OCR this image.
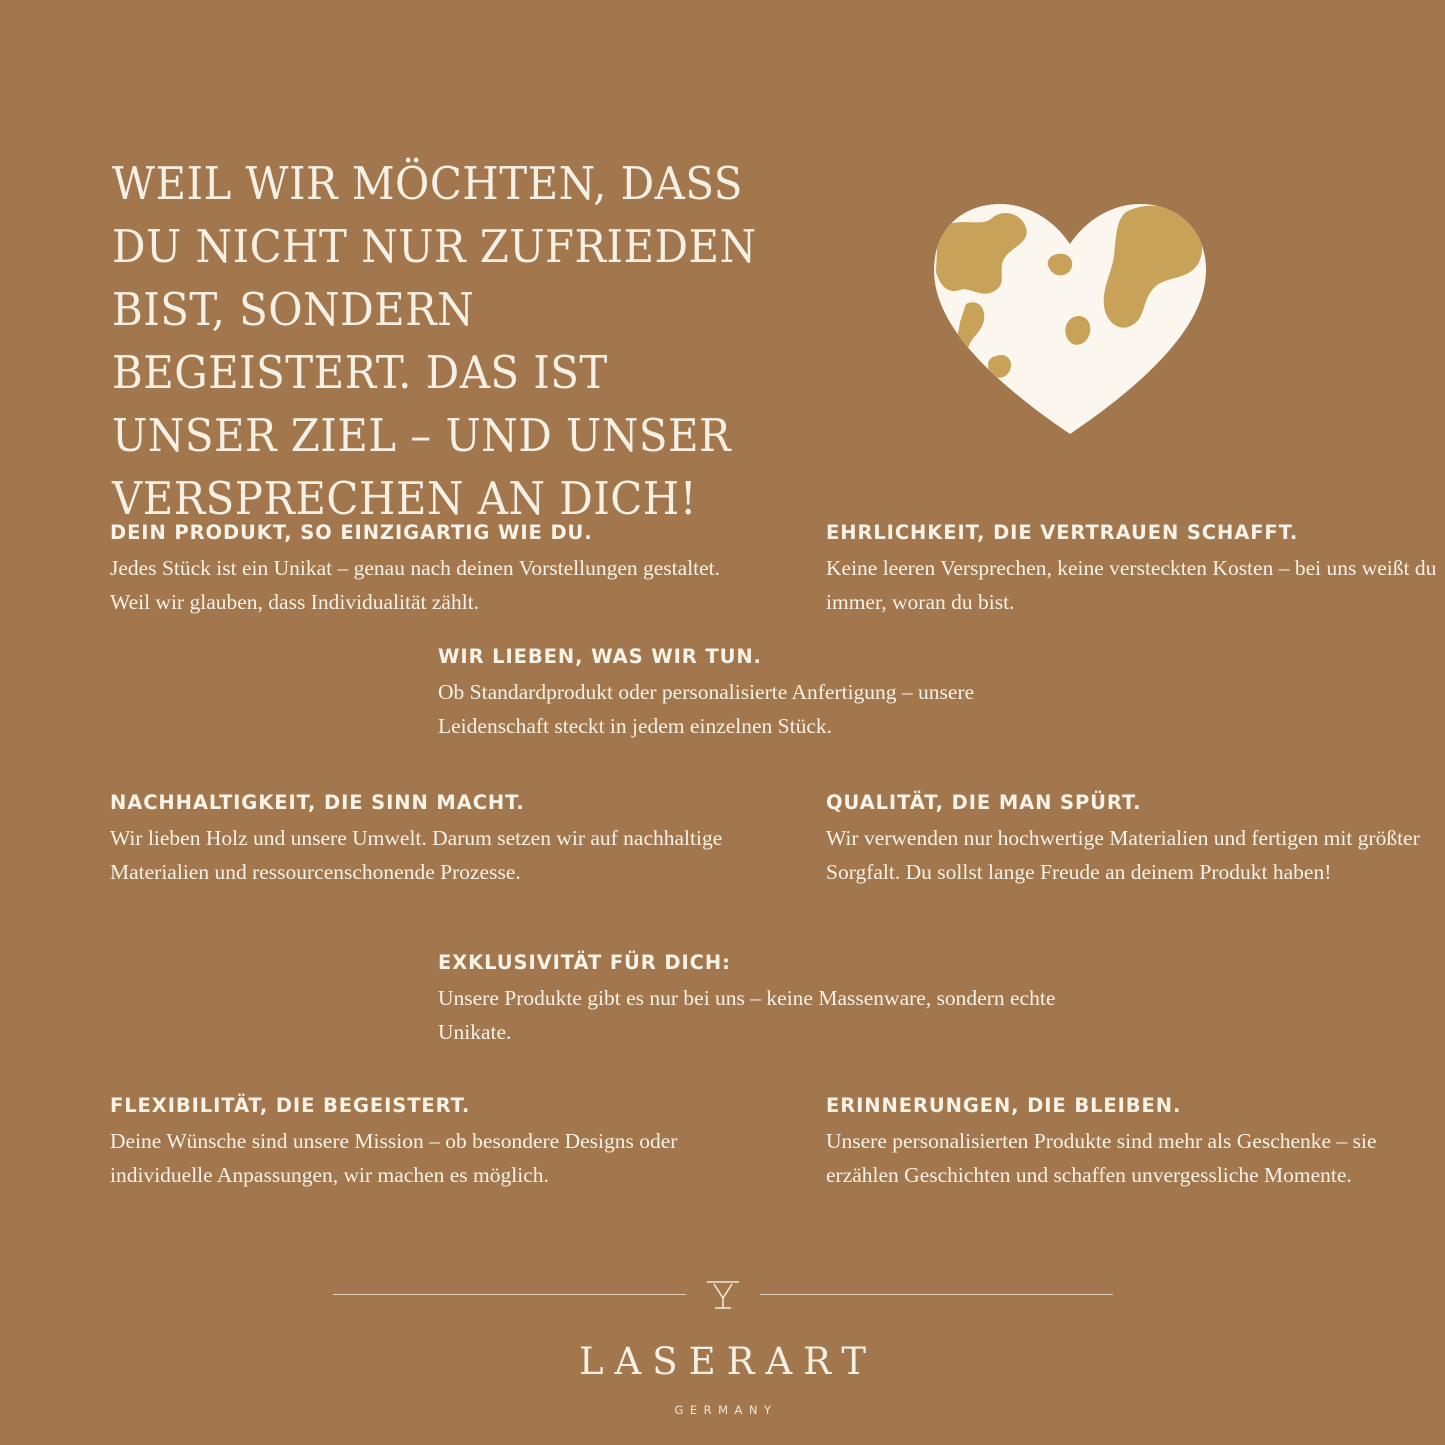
WEIL WIR MÖCHTEN, DASS DU NICHT NUR ZUFRIEDEN BIST, SONDERN BEGEISTERT. DAS IST UNSER ZIEL – UND UNSER VERSPRECHEN AN DICH!
DEIN PRODUKT, SO EINZIGARTIG WIE DU.

Jedes Stück ist ein Unikat – genau nach deinen Vorstellungen gestaltet. Weil wir glauben, dass Individualität zählt.

EHRLICHKEIT, DIE VERTRAUEN SCHAFFT.

Keine leeren Versprechen, keine versteckten Kosten – bei uns weißt du immer, woran du bist.

WIR LIEBEN, WAS WIR TUN.

Ob Standardprodukt oder personalisierte Anfertigung – unsere Leidenschaft steckt in jedem einzelnen Stück.

NACHHALTIGKEIT, DIE SINN MACHT.

Wir lieben Holz und unsere Umwelt. Darum setzen wir auf nachhaltige Materialien und ressourcenschonende Prozesse.

QUALITÄT, DIE MAN SPÜRT.

Wir verwenden nur hochwertige Materialien und fertigen mit größter Sorgfalt. Du sollst lange Freude an deinem Produkt haben!

EXKLUSIVITÄT FÜR DICH:

Unsere Produkte gibt es nur bei uns – keine Massenware, sondern echte Unikate.

FLEXIBILITÄT, DIE BEGEISTERT.

Deine Wünsche sind unsere Mission – ob besondere Designs oder individuelle Anpassungen, wir machen es möglich.

ERINNERUNGEN, DIE BLEIBEN.

Unsere personalisierten Produkte sind mehr als Geschenke – sie erzählen Geschichten und schaffen unvergessliche Momente.

LASERART
GERMANY
